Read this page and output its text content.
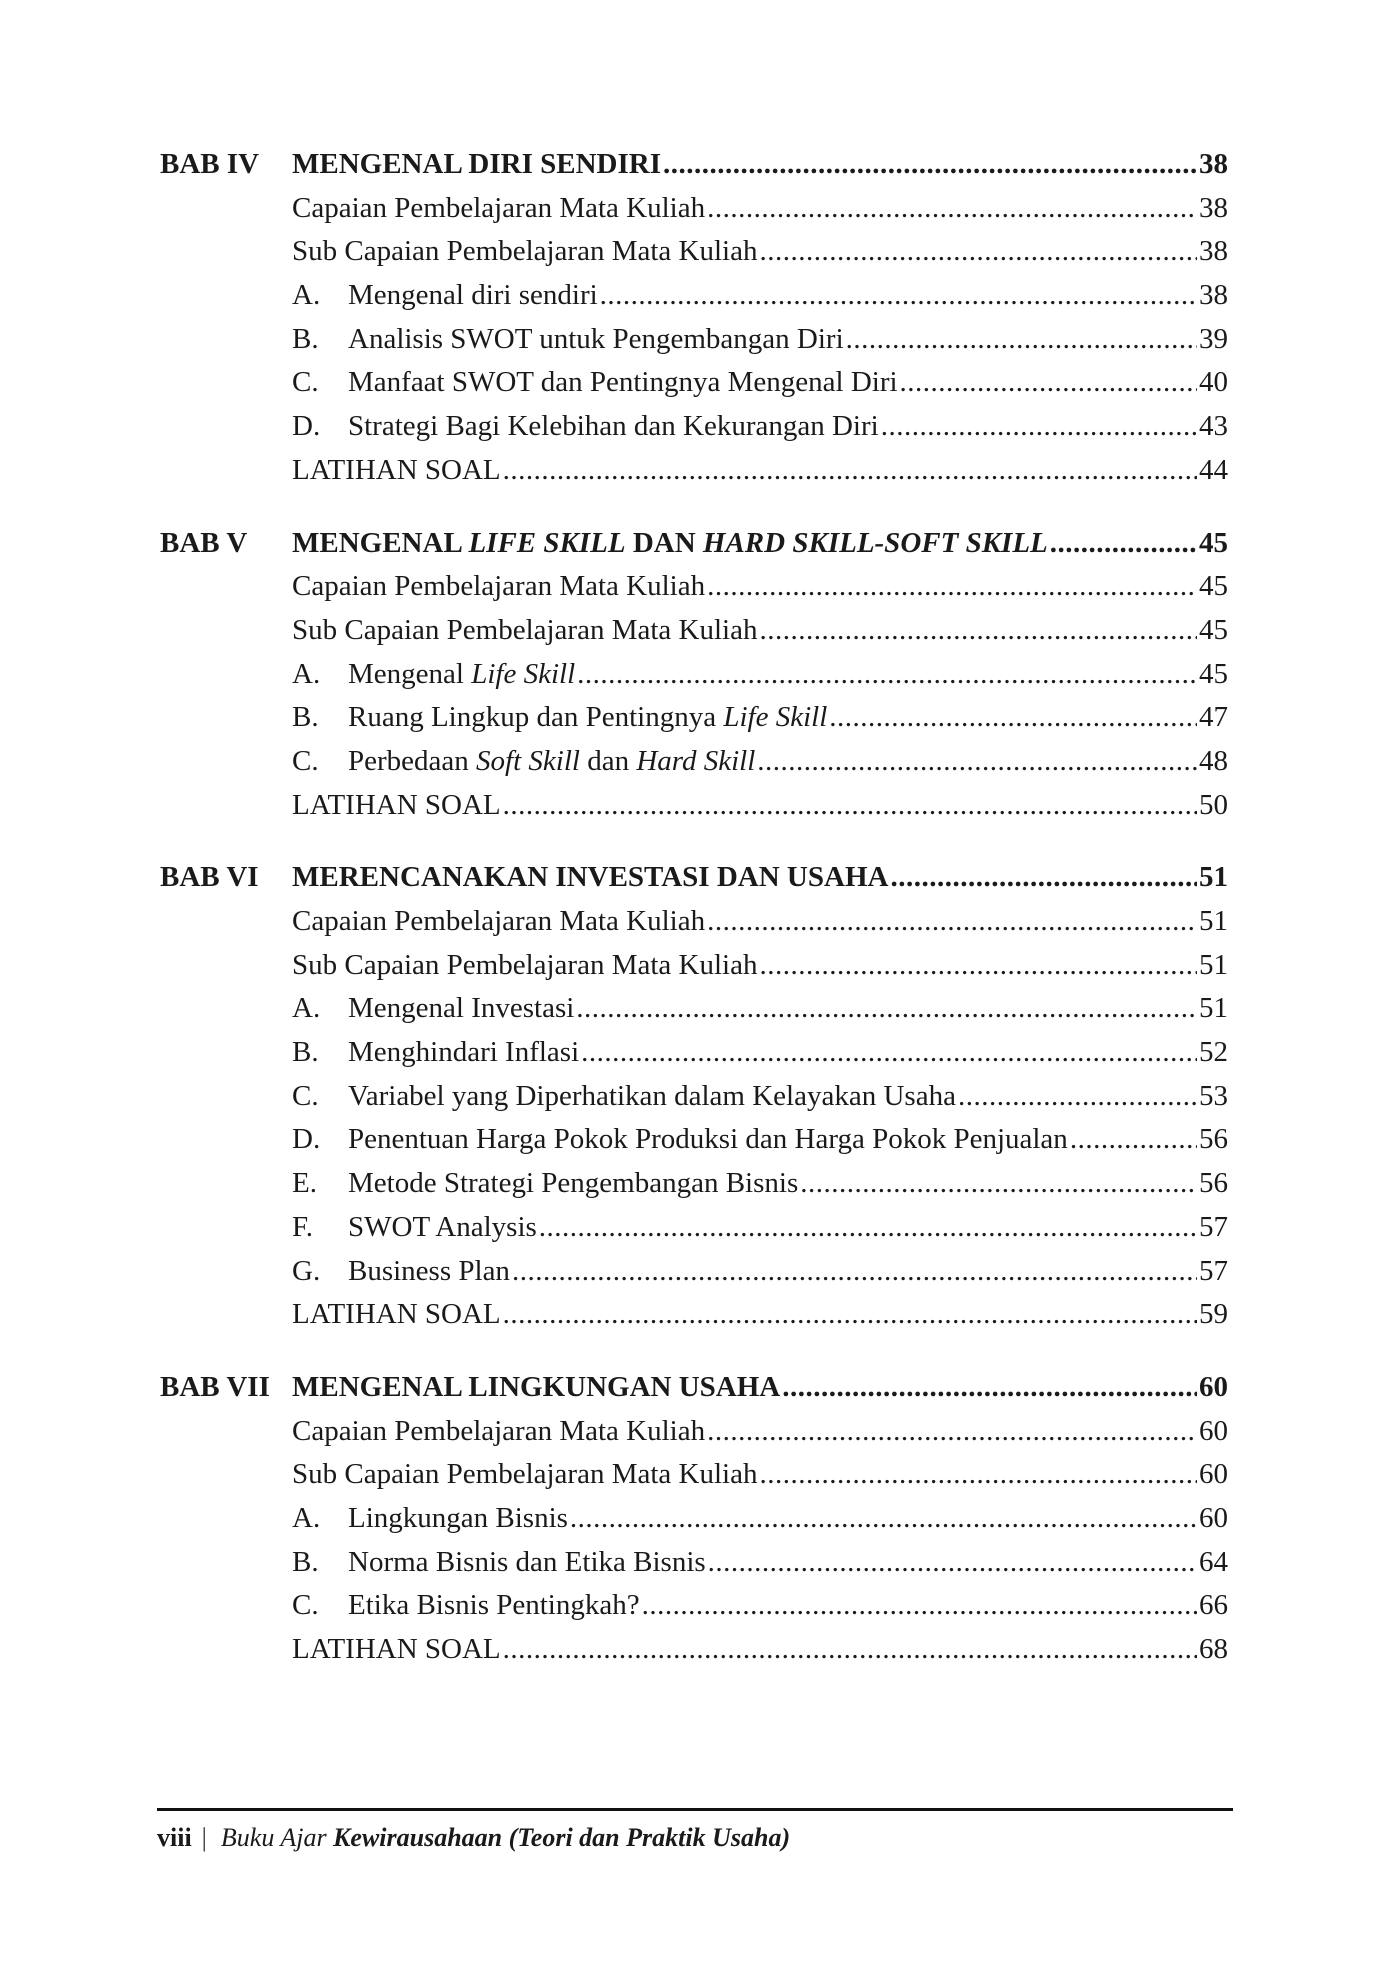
BAB IV	MENGENAL DIRI SENDIRI .....	38
Capaian Pembelajaran Mata Kuliah .....	38
Sub Capaian Pembelajaran Mata Kuliah .....	38
A. Mengenal diri sendiri .....	38
B.	Analisis SWOT untuk Pengembangan Diri .....	39
C.	Manfaat SWOT dan Pentingnya Mengenal Diri .....	40
D. Strategi Bagi Kelebihan dan Kekurangan Diri .....	43
LATIHAN SOAL .....	44
BAB V	MENGENAL LIFE SKILL DAN HARD SKILL-SOFT SKILL .....	45
Capaian Pembelajaran Mata Kuliah .....	45
Sub Capaian Pembelajaran Mata Kuliah .....	45
A. Mengenal Life Skill .....	45
B.	Ruang Lingkup dan Pentingnya Life Skill .....	47
C.	Perbedaan Soft Skill dan Hard Skill .....	48
LATIHAN SOAL .....	50
BAB VI	MERENCANAKAN INVESTASI DAN USAHA .....	51
Capaian Pembelajaran Mata Kuliah .....	51
Sub Capaian Pembelajaran Mata Kuliah .....	51
A. Mengenal Investasi .....	51
B.	Menghindari Inflasi .....	52
C.	Variabel yang Diperhatikan dalam Kelayakan Usaha .....	53
D. Penentuan Harga Pokok Produksi dan Harga Pokok Penjualan .....	56
E.	Metode Strategi Pengembangan Bisnis .....	56
F.	SWOT Analysis .....	57
G. Business Plan .....	57
LATIHAN SOAL .....	59
BAB VII MENGENAL LINGKUNGAN USAHA .....	60
Capaian Pembelajaran Mata Kuliah .....	60
Sub Capaian Pembelajaran Mata Kuliah .....	60
A. Lingkungan Bisnis .....	60
B.	Norma Bisnis dan Etika Bisnis .....	64
C.	Etika Bisnis Pentingkah? .....	66
LATIHAN SOAL .....	68
viii | Buku Ajar Kewirausahaan (Teori dan Praktik Usaha)
